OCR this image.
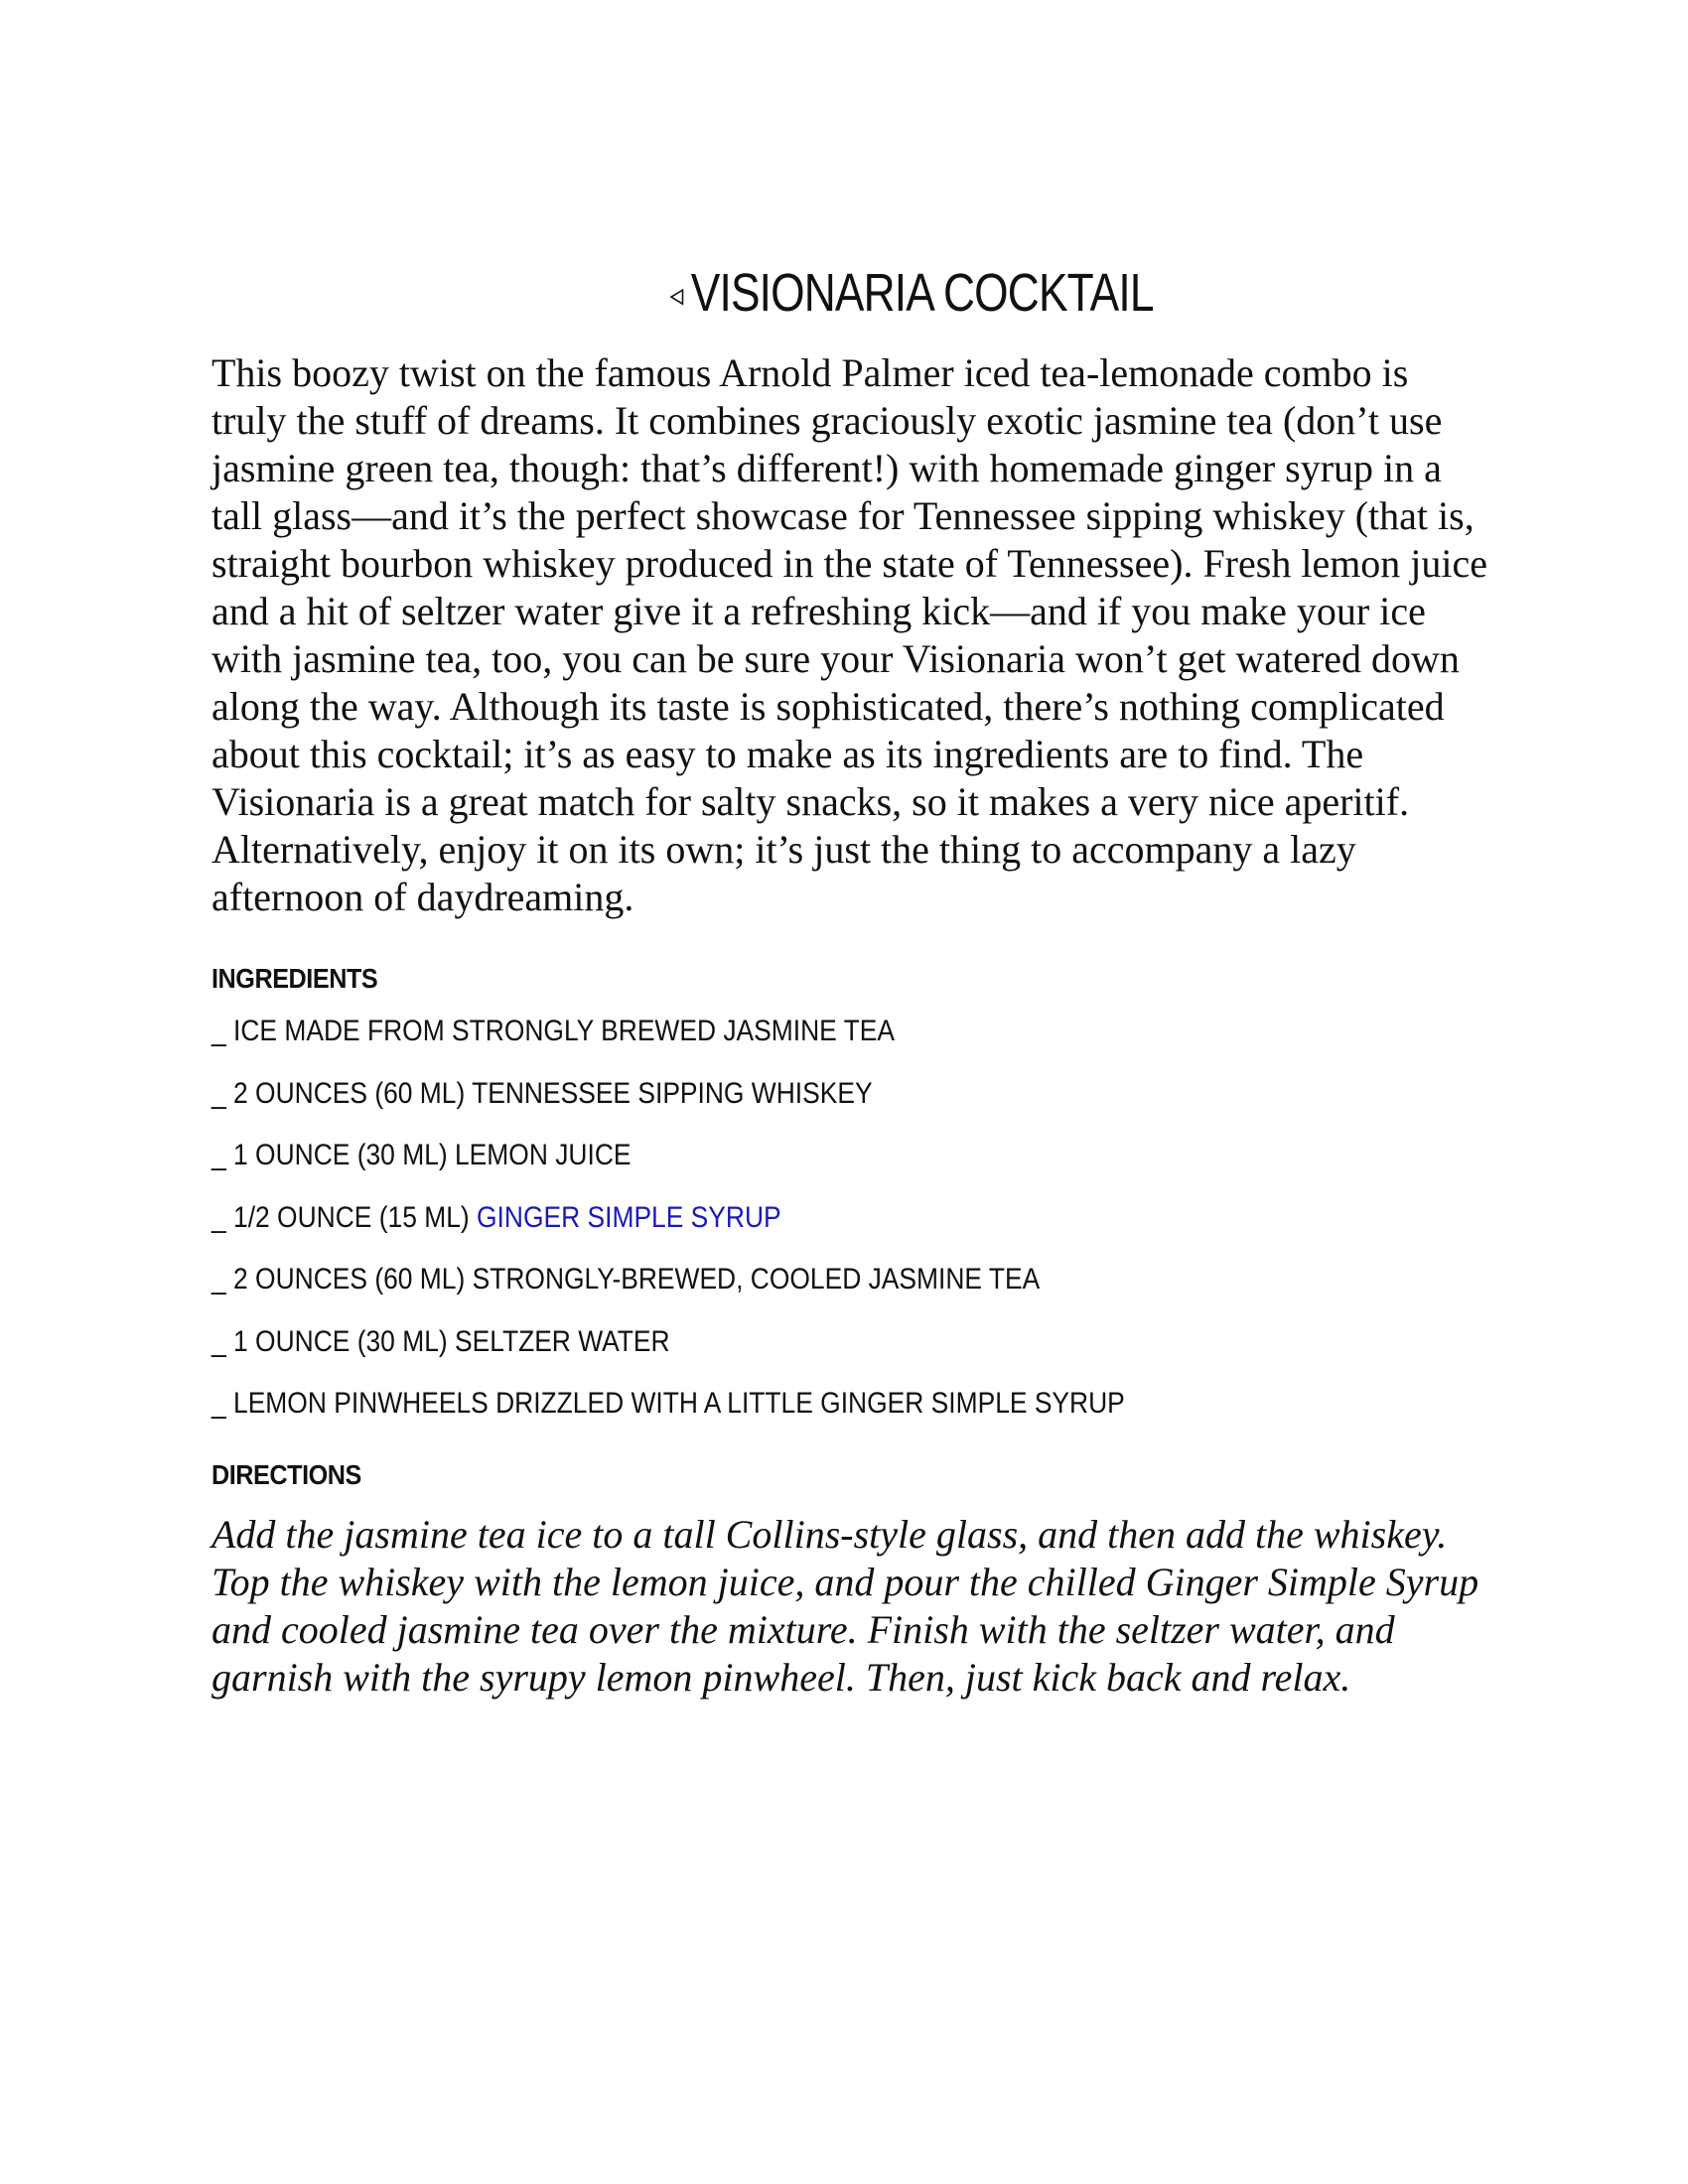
◃ VISIONARIA COCKTAIL

This boozy twist on the famous Arnold Palmer iced tea-lemonade combo is truly the stuff of dreams. It combines graciously exotic jasmine tea (don’t use jasmine green tea, though: that’s different!) with homemade ginger syrup in a tall glass—and it’s the perfect showcase for Tennessee sipping whiskey (that is, straight bourbon whiskey produced in the state of Tennessee). Fresh lemon juice and a hit of seltzer water give it a refreshing kick—and if you make your ice with jasmine tea, too, you can be sure your Visionaria won’t get watered down along the way. Although its taste is sophisticated, there’s nothing complicated about this cocktail; it’s as easy to make as its ingredients are to find. The Visionaria is a great match for salty snacks, so it makes a very nice aperitif. Alternatively, enjoy it on its own; it’s just the thing to accompany a lazy afternoon of daydreaming.

INGREDIENTS
_ ICE MADE FROM STRONGLY BREWED JASMINE TEA
_ 2 OUNCES (60 ML) TENNESSEE SIPPING WHISKEY
_ 1 OUNCE (30 ML) LEMON JUICE
_ 1/2 OUNCE (15 ML) GINGER SIMPLE SYRUP
_ 2 OUNCES (60 ML) STRONGLY-BREWED, COOLED JASMINE TEA
_ 1 OUNCE (30 ML) SELTZER WATER
_ LEMON PINWHEELS DRIZZLED WITH A LITTLE GINGER SIMPLE SYRUP
DIRECTIONS

Add the jasmine tea ice to a tall Collins-style glass, and then add the whiskey. Top the whiskey with the lemon juice, and pour the chilled Ginger Simple Syrup and cooled jasmine tea over the mixture. Finish with the seltzer water, and garnish with the syrupy lemon pinwheel. Then, just kick back and relax.
